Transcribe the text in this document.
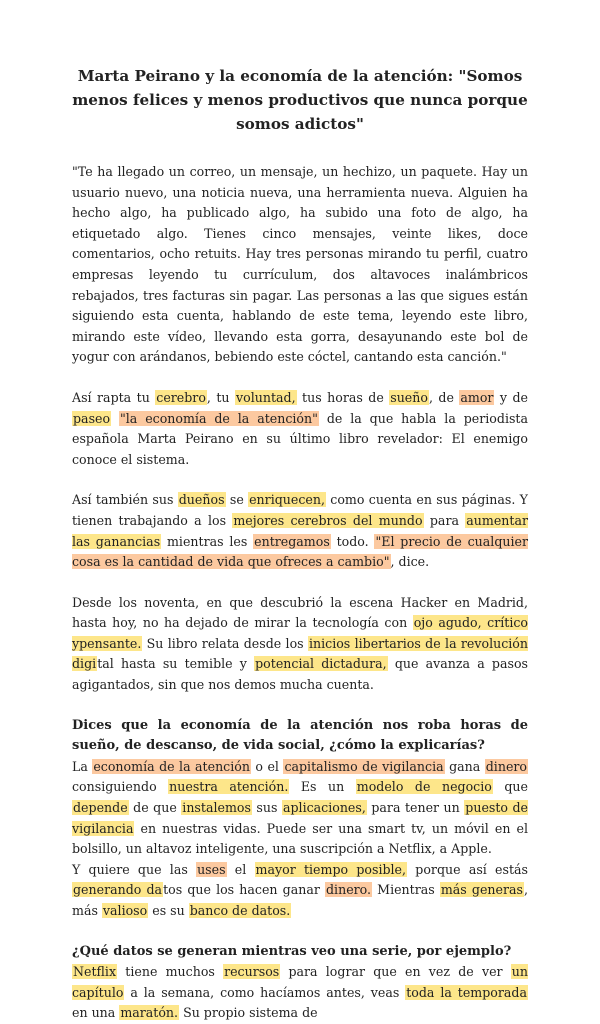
Marta Peirano y la economía de la atención: "Somos menos felices y menos productivos que nunca porque somos adictos"

"Te ha llegado un correo, un mensaje, un hechizo, un paquete. Hay un usuario nuevo, una noticia nueva, una herramienta nueva. Alguien ha hecho algo, ha publicado algo, ha subido una foto de algo, ha etiquetado algo. Tienes cinco mensajes, veinte likes, doce comentarios, ocho retuits. Hay tres personas mirando tu perfil, cuatro empresas leyendo tu currículum, dos altavoces inalámbricos rebajados, tres facturas sin pagar. Las personas a las que sigues están siguiendo esta cuenta, hablando de este tema, leyendo este libro, mirando este vídeo, llevando esta gorra, desayunando este bol de yogur con arándanos, bebiendo este cóctel, cantando esta canción."

Así rapta tu cerebro, tu voluntad, tus horas de sueño, de amor y de paseo "la economía de la atención" de la que habla la periodista española Marta Peirano en su último libro revelador: El enemigo conoce el sistema.

Así también sus dueños se enriquecen, como cuenta en sus páginas. Y tienen trabajando a los mejores cerebros del mundo para aumentar las ganancias mientras les entregamos todo. "El precio de cualquier cosa es la cantidad de vida que ofreces a cambio", dice.

Desde los noventa, en que descubrió la escena Hacker en Madrid, hasta hoy, no ha dejado de mirar la tecnología con ojo agudo, crítico ypensante. Su libro relata desde los inicios libertarios de la revolución digital hasta su temible y potencial dictadura, que avanza a pasos agigantados, sin que nos demos mucha cuenta.

Dices que la economía de la atención nos roba horas de sueño, de descanso, de vida social, ¿cómo la explicarías?

La economía de la atención o el capitalismo de vigilancia gana dinero consiguiendo nuestra atención. Es un modelo de negocio que depende de que instalemos sus aplicaciones, para tener un puesto de vigilancia en nuestras vidas. Puede ser una smart tv, un móvil en el bolsillo, un altavoz inteligente, una suscripción a Netflix, a Apple.

Y quiere que las uses el mayor tiempo posible, porque así estás generando datos que los hacen ganar dinero. Mientras más generas, más valioso es su banco de datos.

¿Qué datos se generan mientras veo una serie, por ejemplo?

Netflix tiene muchos recursos para lograr que en vez de ver un capítulo a la semana, como hacíamos antes, veas toda la temporada en una maratón. Su propio sistema de
